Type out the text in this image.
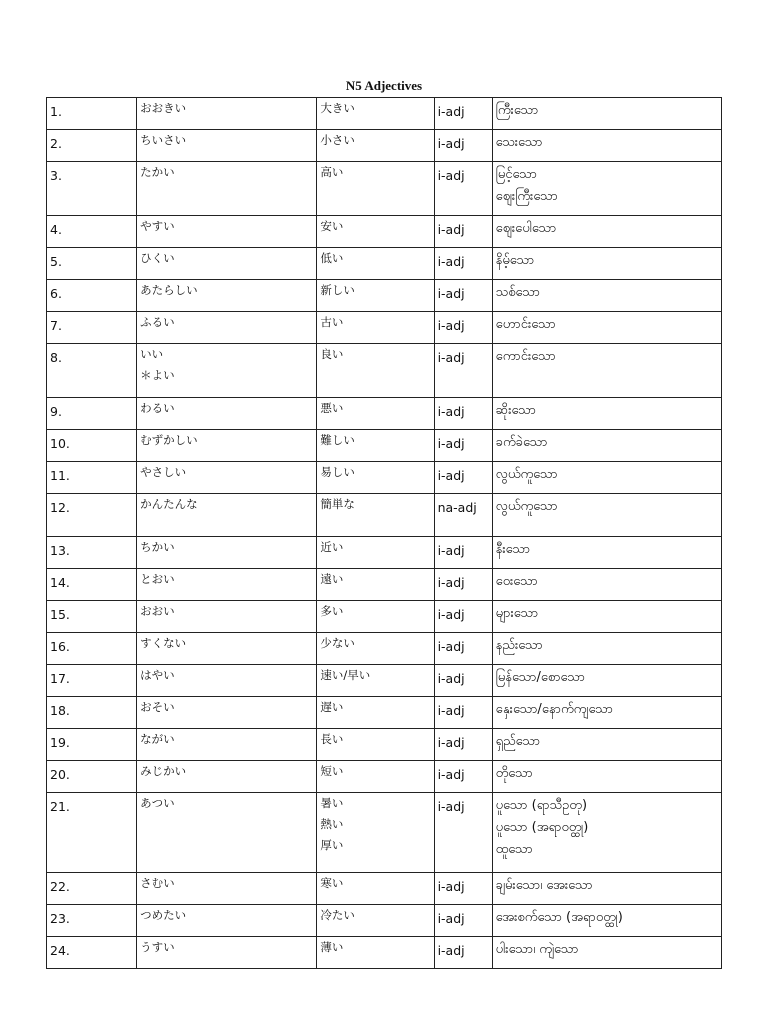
N5 Adjectives
1.	おおきい	大きい	i-adj	ကြီးသော

2.	ちいさい	小さい	i-adj	သေးသော

3.	たかい	高い	i-adj	မြင့်သော
ဈေးကြီးသော

4.	やすい	安い	i-adj	ဈေးပေါသော

5.	ひくい	低い	i-adj	နိမ့်သော

6.	あたらしい	新しい	i-adj	သစ်သော

7.	ふるい	古い	i-adj	ဟောင်းသော

8.	いい
＊よい	良い	i-adj	ကောင်းသော

9.	わるい	悪い	i-adj	ဆိုးသော

10.	むずかしい	難しい	i-adj	ခက်ခဲသော

11.	やさしい	易しい	i-adj	လွယ်ကူသော

12.	かんたんな	簡単な	na-adj	လွယ်ကူသော

13.	ちかい	近い	i-adj	နီးသော

14.	とおい	遠い	i-adj	ဝေးသော

15.	おおい	多い	i-adj	များသော

16.	すくない	少ない	i-adj	နည်းသော

17.	はやい	速い/早い	i-adj	မြန်သော/စောသော

18.	おそい	遅い	i-adj	နှေးသော/နောက်ကျသော

19.	ながい	長い	i-adj	ရှည်သော

20.	みじかい	短い	i-adj	တိုသော

21.	あつい	暑い
熱い
厚い	i-adj	ပူသော (ရာသီဥတု)
ပူသော (အရာဝတ္ထု)
ထူသော

22.	さむい	寒い	i-adj	ချမ်းသော၊ အေးသော

23.	つめたい	冷たい	i-adj	အေးစက်သော (အရာဝတ္ထု)

24.	うすい	薄い	i-adj	ပါးသော၊ ကျဲသော
